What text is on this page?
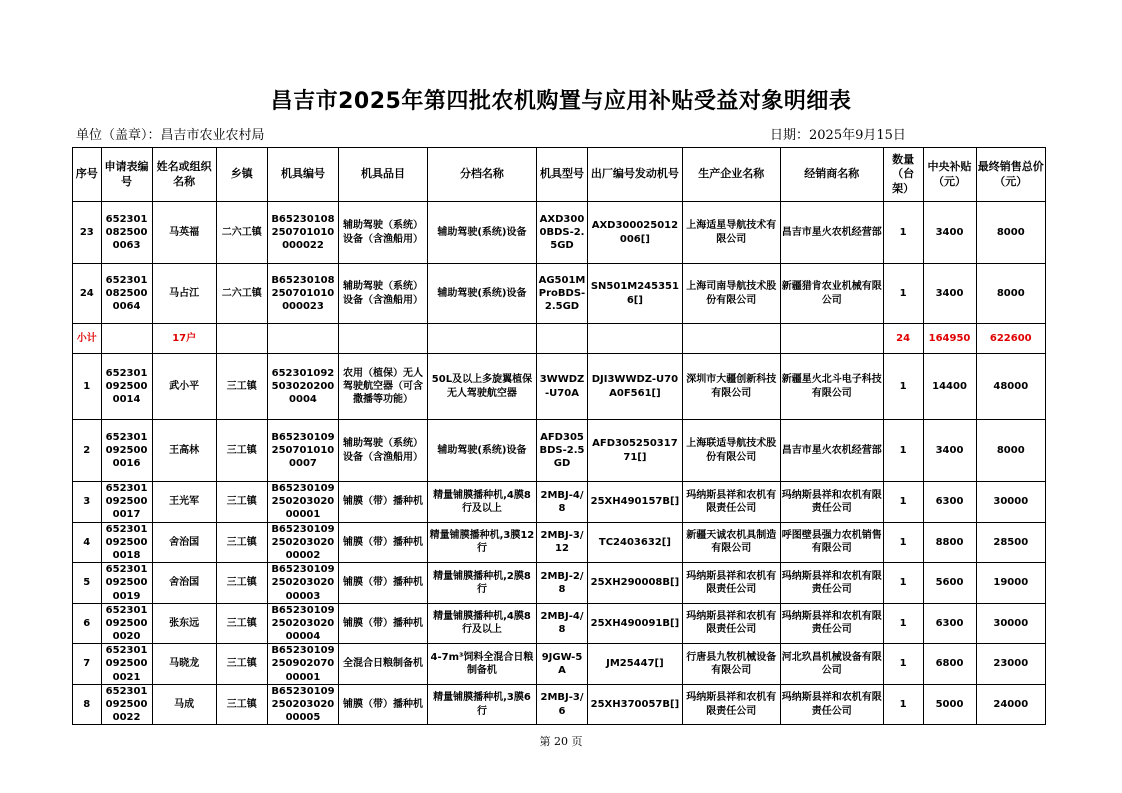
昌吉市2025年第四批农机购置与应用补贴受益对象明细表
单位（盖章）：昌吉市农业农村局	日期：2025年9月15日
序号	申请表编号	姓名或组织名称	乡镇	机具编号	机具品目	分档名称	机具型号	出厂编号发动机号	生产企业名称	经销商名称	数量（台架）	中央补贴（元）	最终销售总价（元）
23	6523010825000063	马英福	二六工镇	B65230108250701010000022	辅助驾驶（系统）设备（含渔船用）	辅助驾驶(系统)设备	AXD3000BDS-2.5GD	AXD3000250120​06[]	上海适星导航技术有限公司	昌吉市星火农机经营部	1	3400	8000
24	6523010825000064	马占江	二六工镇	B65230108250701010000023	辅助驾驶（系统）设备（含渔船用）	辅助驾驶(系统)设备	AG501MProBDS-2.5GD	SN501M2453516[]	上海司南导航技术股份有限公司	新疆猎肯农业机械有限公司	1	3400	8000
小计		17户									24	164950	622600
1	6523010925000014	武小平	三工镇	652301092503020200000​4	农用（植保）无人驾驶航空器（可含撒播等功能）	50L及以上多旋翼植保无人驾驶航空器	3WWDZ-U70A	DJI3WWDZ-U70A0F561[]	深圳市大疆创新科技有限公司	新疆星火北斗电子科技有限公司	1	14400	48000
2	6523010925000016	王高林	三工镇	B65230109250701010000​7	辅助驾驶（系统）设备（含渔船用）	辅助驾驶(系统)设备	AFD305BDS-2.5GD	AFD30525031771[]	上海联适导航技术股份有限公司	昌吉市星火农机经营部	1	3400	8000
3	6523010925000017	王光军	三工镇	B65230109250203020000​01	铺膜（带）播种机	精量铺膜播种机,4膜8行及以上	2MBJ-4/8	25XH490157B[]	玛纳斯县祥和农机有限责任公司	玛纳斯县祥和农机有限责任公司	1	6300	30000
4	6523010925000018	舍治国	三工镇	B65230109250203020000​02	铺膜（带）播种机	精量铺膜播种机,3膜12行	2MBJ-3/12	TC2403632[]	新疆天诚农机具制造有限公司	呼图壁县强力农机销售有限公司	1	8800	28500
5	6523010925000019	舍治国	三工镇	B65230109250203020000​03	铺膜（带）播种机	精量铺膜播种机,2膜8行	2MBJ-2/8	25XH290008B[]	玛纳斯县祥和农机有限责任公司	玛纳斯县祥和农机有限责任公司	1	5600	19000
6	6523010925000020	张东远	三工镇	B65230109250203020000​04	铺膜（带）播种机	精量铺膜播种机,4膜8行及以上	2MBJ-4/8	25XH490091B[]	玛纳斯县祥和农机有限责任公司	玛纳斯县祥和农机有限责任公司	1	6300	30000
7	6523010925000021	马晓龙	三工镇	B65230109250902070000​01	全混合日粮制备机	4-7m³饲料全混合日粮制备机	9JGW-5A	JM25447[]	行唐县九牧机械设备有限公司	河北玖昌机械设备有限公司	1	6800	23000
8	6523010925000022	马成	三工镇	B65230109250203020000​05	铺膜（带）播种机	精量铺膜播种机,3膜6行	2MBJ-3/6	25XH370057B[]	玛纳斯县祥和农机有限责任公司	玛纳斯县祥和农机有限责任公司	1	5000	24000
第 20 页
